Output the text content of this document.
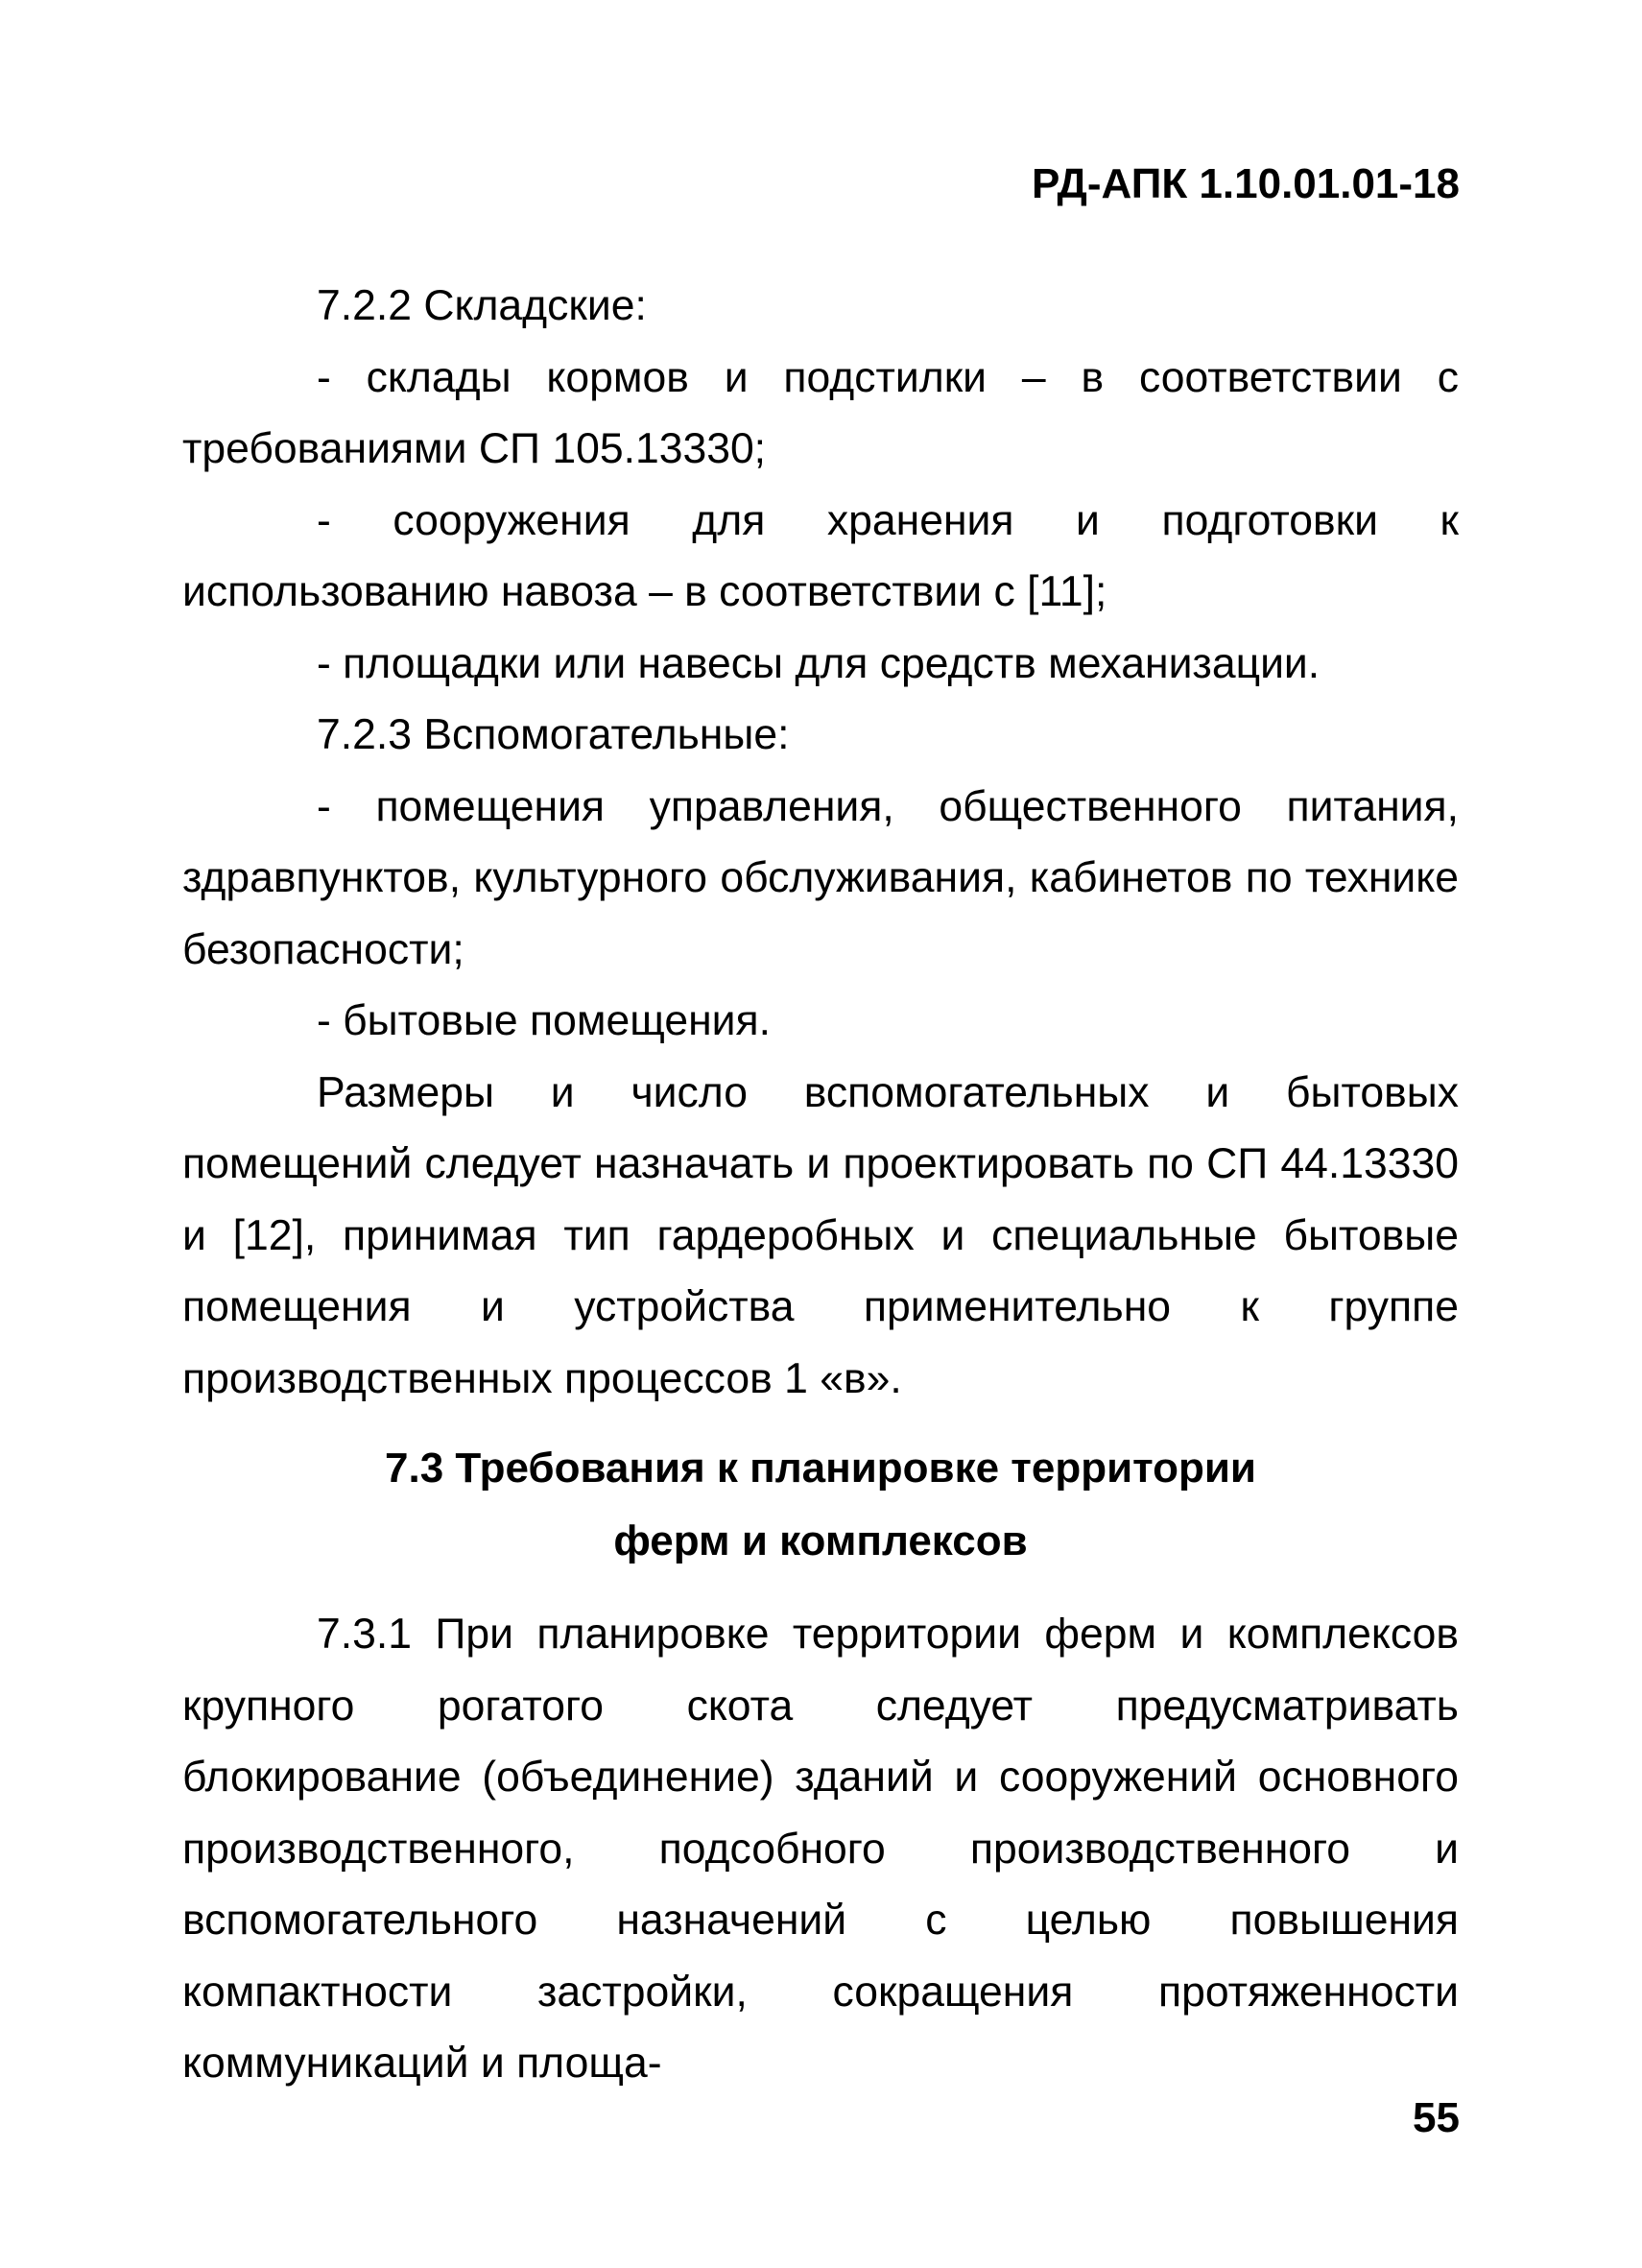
РД-АПК 1.10.01.01-18

7.2.2 Складские:

- склады кормов и подстилки – в соответствии с требованиями СП 105.13330;

- сооружения для хранения и подготовки к использованию навоза – в соответствии с [11];

- площадки или навесы для средств механизации.

7.2.3 Вспомогательные:

- помещения управления, общественного питания, здравпунктов, культурного обслуживания, кабинетов по технике безопасности;

- бытовые помещения.

Размеры и число вспомогательных и бытовых помещений следует назначать и проектировать по СП 44.13330 и [12], принимая тип гардеробных и специальные бытовые помещения и устройства применительно к группе производственных процессов 1 «в».

7.3 Требования к планировке территории

ферм и комплексов

7.3.1 При планировке территории ферм и комплексов крупного рогатого скота следует предусматривать блокирование (объединение) зданий и сооружений основного производственного, подсобного производственного и вспомогательного назначений с целью повышения компактности застройки, сокращения протяженности коммуникаций и площа-

55
